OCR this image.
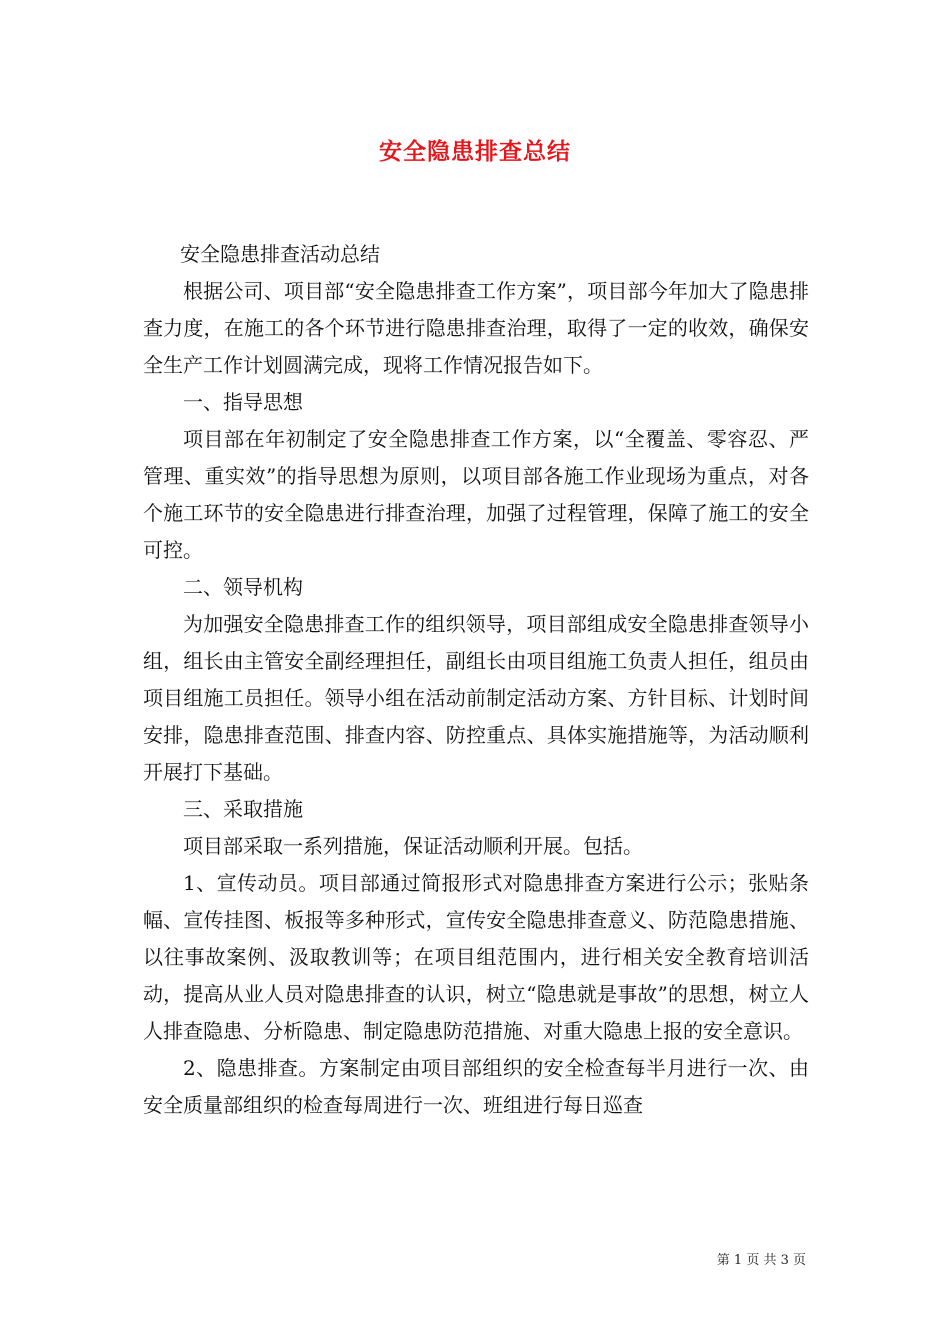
安全隐患排查总结

安全隐患排查活动总结

根据公司、项目部“安全隐患排查工作方案”，项目部今年加大了隐患排查力度，在施工的各个环节进行隐患排查治理，取得了一定的收效，确保安全生产工作计划圆满完成，现将工作情况报告如下。

一、指导思想

项目部在年初制定了安全隐患排查工作方案，以“全覆盖、零容忍、严管理、重实效”的指导思想为原则，以项目部各施工作业现场为重点，对各个施工环节的安全隐患进行排查治理，加强了过程管理，保障了施工的安全可控。

二、领导机构

为加强安全隐患排查工作的组织领导，项目部组成安全隐患排查领导小组，组长由主管安全副经理担任，副组长由项目组施工负责人担任，组员由项目组施工员担任。领导小组在活动前制定活动方案、方针目标、计划时间安排，隐患排查范围、排查内容、防控重点、具体实施措施等，为活动顺利开展打下基础。

三、采取措施

项目部采取一系列措施，保证活动顺利开展。包括。

1、宣传动员。项目部通过简报形式对隐患排查方案进行公示；张贴条幅、宣传挂图、板报等多种形式，宣传安全隐患排查意义、防范隐患措施、以往事故案例、汲取教训等；在项目组范围内，进行相关安全教育培训活动，提高从业人员对隐患排查的认识，树立“隐患就是事故”的思想，树立人人排查隐患、分析隐患、制定隐患防范措施、对重大隐患上报的安全意识。

2、隐患排查。方案制定由项目部组织的安全检查每半月进行一次、由安全质量部组织的检查每周进行一次、班组进行每日巡查

第 1 页 共 3 页
